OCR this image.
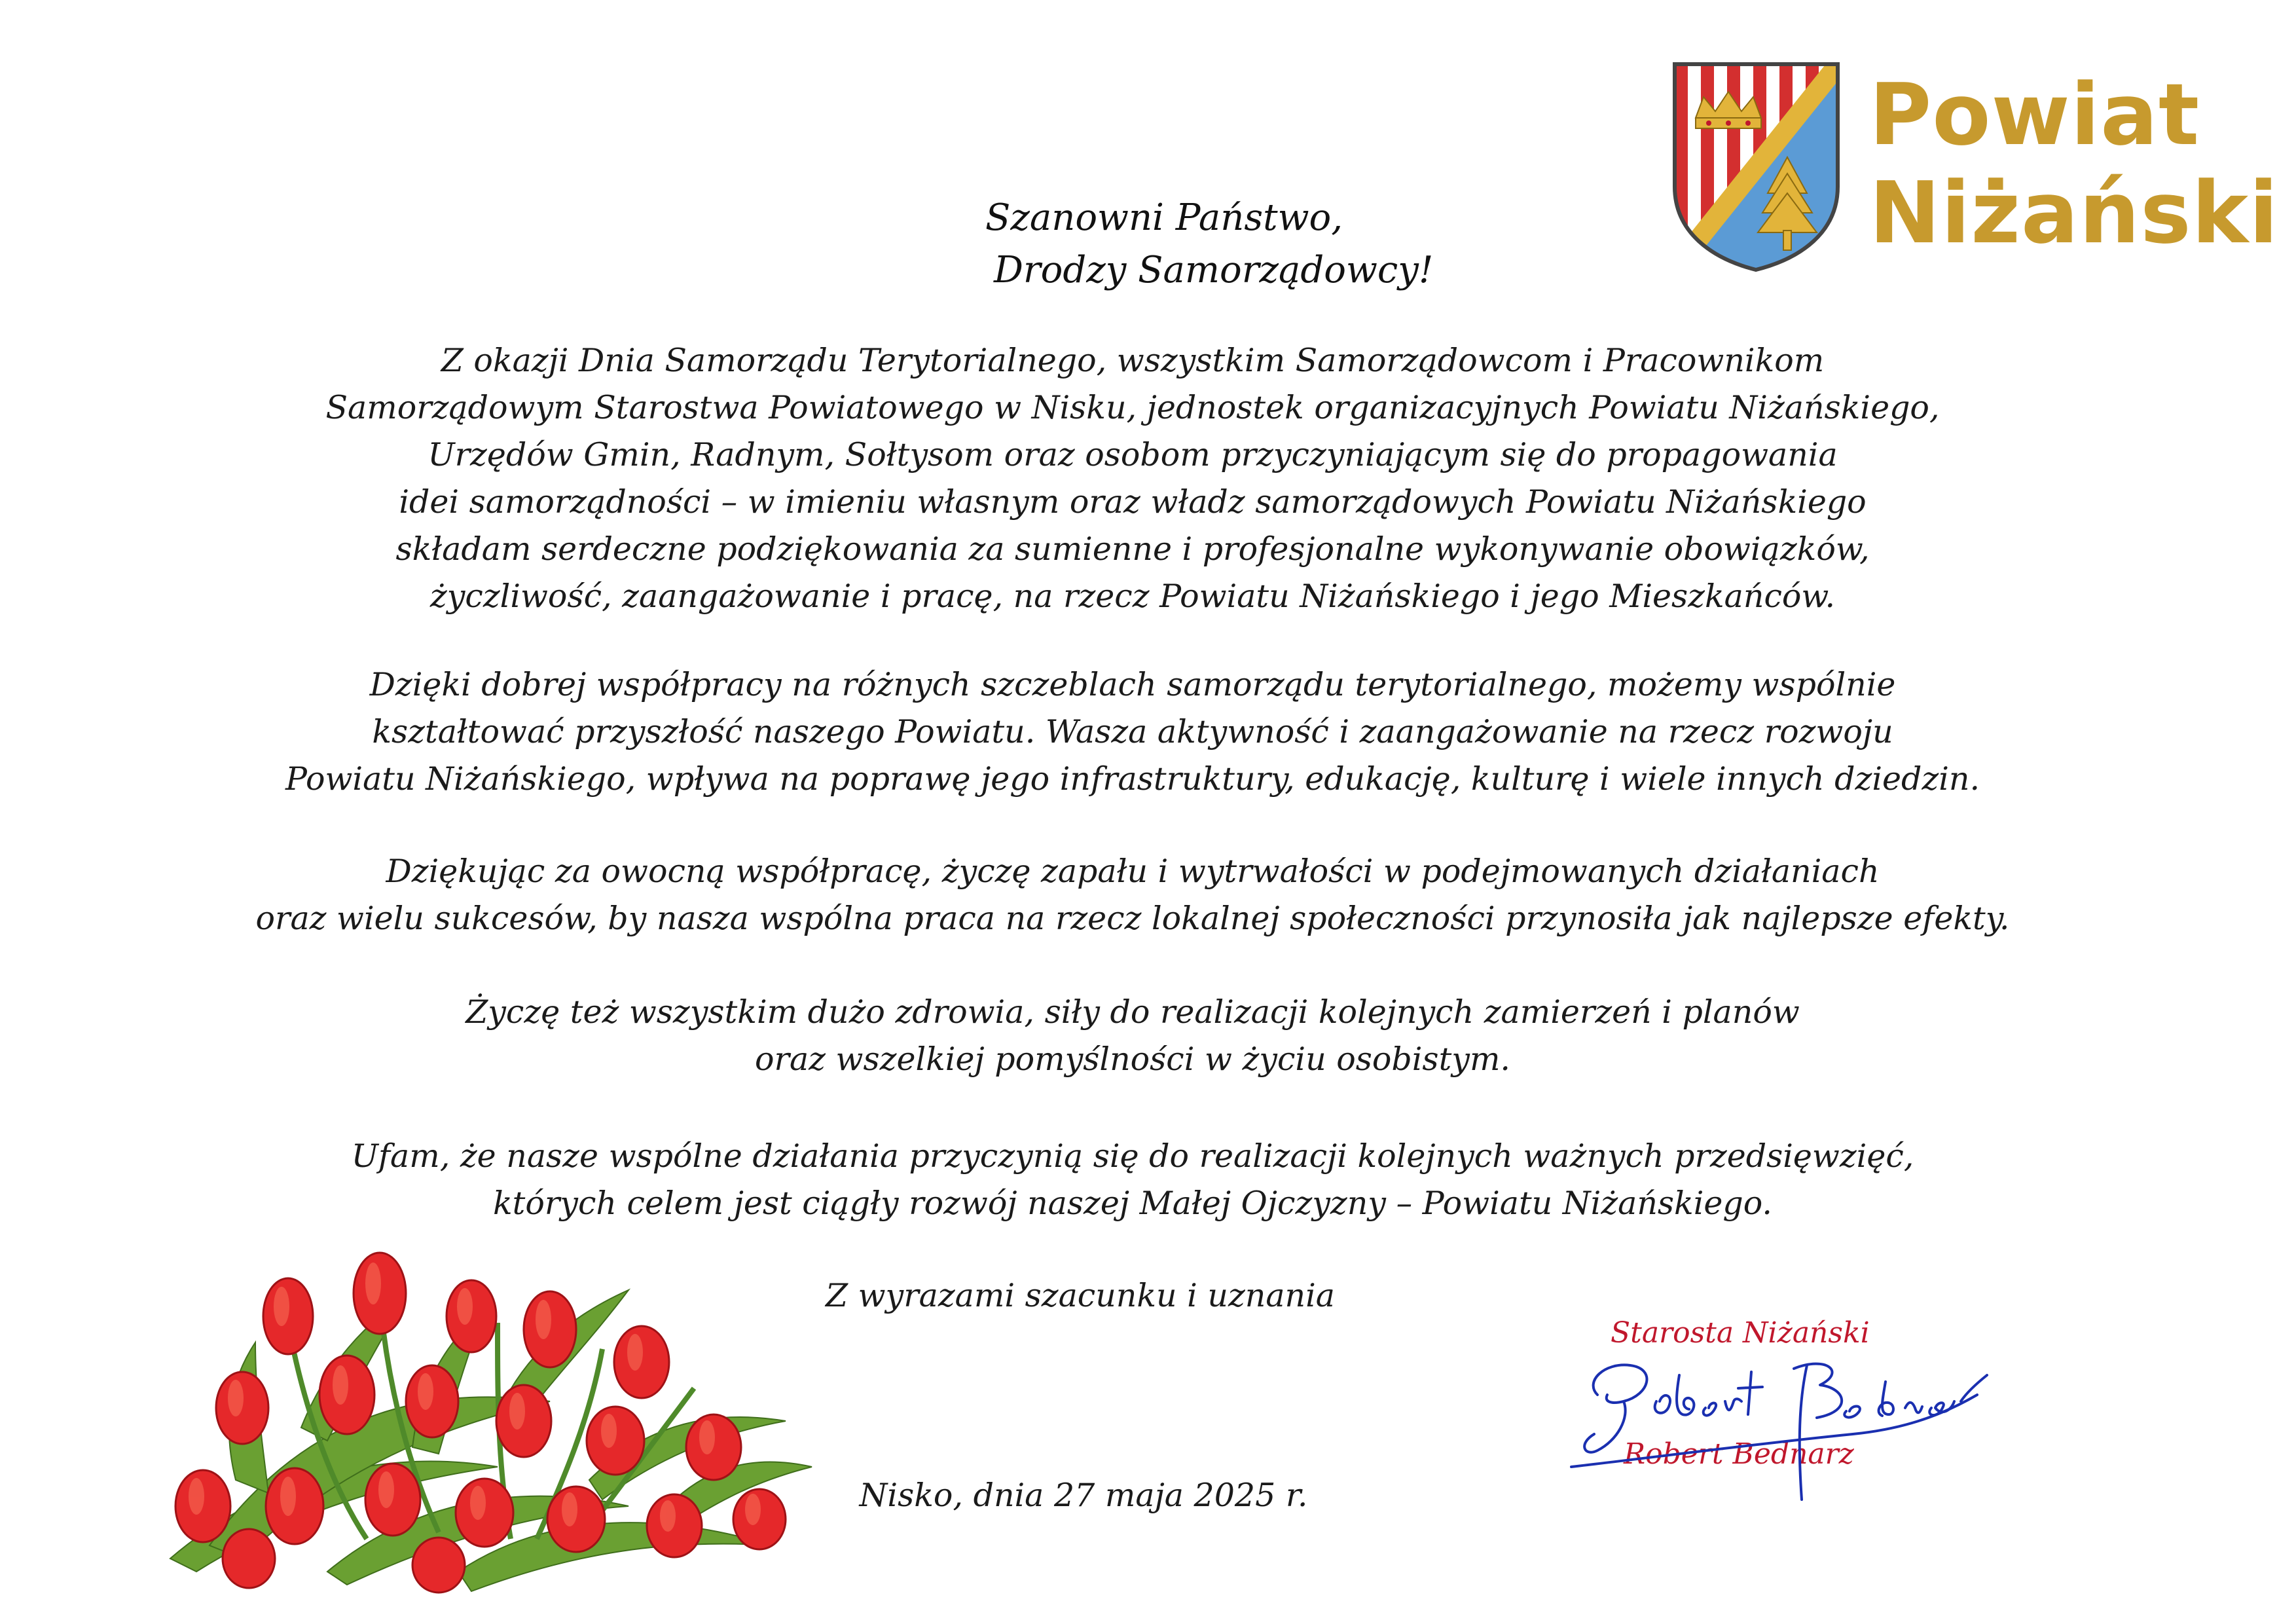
Powiat
Niżański
Szanowni Państwo,
Drodzy Samorządowcy!
Z okazji Dnia Samorządu Terytorialnego, wszystkim Samorządowcom i Pracownikom
Samorządowym Starostwa Powiatowego w Nisku, jednostek organizacyjnych Powiatu Niżańskiego,
Urzędów Gmin, Radnym, Sołtysom oraz osobom przyczyniającym się do propagowania
idei samorządności – w imieniu własnym oraz władz samorządowych Powiatu Niżańskiego
składam serdeczne podziękowania za sumienne i profesjonalne wykonywanie obowiązków,
życzliwość, zaangażowanie i pracę, na rzecz Powiatu Niżańskiego i jego Mieszkańców.
Dzięki dobrej współpracy na różnych szczeblach samorządu terytorialnego, możemy wspólnie
kształtować przyszłość naszego Powiatu. Wasza aktywność i zaangażowanie na rzecz rozwoju
Powiatu Niżańskiego, wpływa na poprawę jego infrastruktury, edukację, kulturę i wiele innych dziedzin.
Dziękując za owocną współpracę, życzę zapału i wytrwałości w podejmowanych działaniach
oraz wielu sukcesów, by nasza wspólna praca na rzecz lokalnej społeczności przynosiła jak najlepsze efekty.
Życzę też wszystkim dużo zdrowia, siły do realizacji kolejnych zamierzeń i planów
oraz wszelkiej pomyślności w życiu osobistym.
Ufam, że nasze wspólne działania przyczynią się do realizacji kolejnych ważnych przedsięwzięć,
których celem jest ciągły rozwój naszej Małej Ojczyzny – Powiatu Niżańskiego.
Z wyrazami szacunku i uznania
Nisko, dnia 27 maja 2025 r.
Starosta Niżański
Robert Bednarz
